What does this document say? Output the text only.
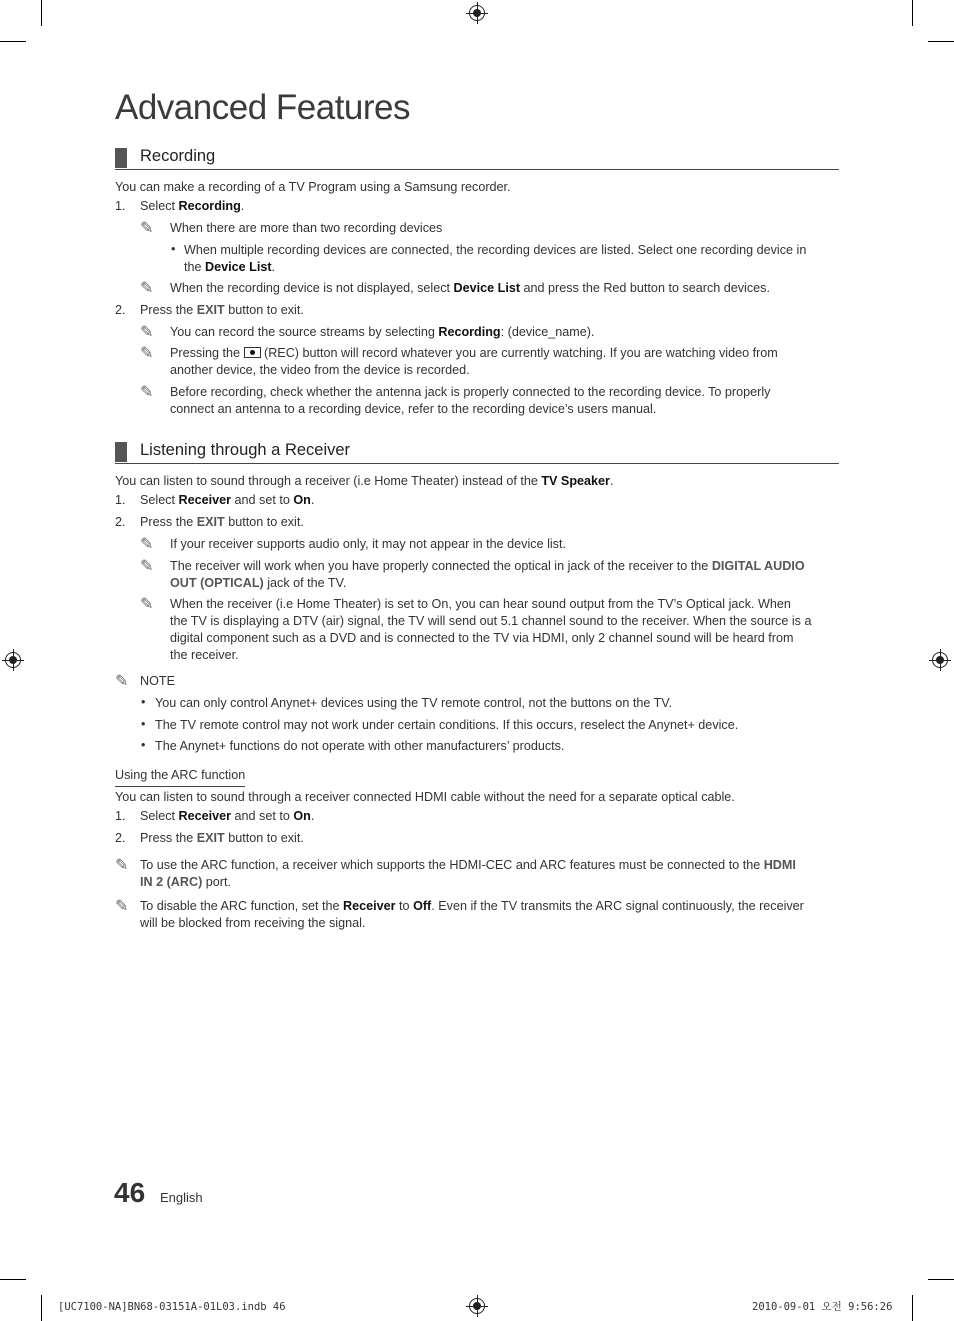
Advanced Features
Recording
You can make a recording of a TV Program using a Samsung recorder.
1. Select Recording.
✎ When there are more than two recording devices
• When multiple recording devices are connected, the recording devices are listed. Select one recording device in
the Device List.
✎ When the recording device is not displayed, select Device List and press the Red button to search devices.
2. Press the EXIT button to exit.
✎ You can record the source streams by selecting Recording: (device_name).
✎ Pressing the
(REC) button will record whatever you are currently watching. If you are watching video from
another device, the video from the device is recorded.
✎ Before recording, check whether the antenna jack is properly connected to the recording device. To properly
connect an antenna to a recording device, refer to the recording device’s users manual.
Listening through a Receiver
You can listen to sound through a receiver (i.e Home Theater) instead of the TV Speaker.
1. Select Receiver and set to On.
2. Press the EXIT button to exit.
✎ If your receiver supports audio only, it may not appear in the device list.
✎ The receiver will work when you have properly connected the optical in jack of the receiver to the DIGITAL AUDIO
OUT (OPTICAL) jack of the TV.
✎ When the receiver (i.e Home Theater) is set to On, you can hear sound output from the TV’s Optical jack. When
the TV is displaying a DTV (air) signal, the TV will send out 5.1 channel sound to the receiver. When the source is a
digital component such as a DVD and is connected to the TV via HDMI, only 2 channel sound will be heard from
the receiver.
✎ NOTE
• You can only control Anynet+ devices using the TV remote control, not the buttons on the TV.
• The TV remote control may not work under certain conditions. If this occurs, reselect the Anynet+ device.
• The Anynet+ functions do not operate with other manufacturers’ products.
Using the ARC function
You can listen to sound through a receiver connected HDMI cable without the need for a separate optical cable.
1. Select Receiver and set to On.
2. Press the EXIT button to exit.
✎ To use the ARC function, a receiver which supports the HDMI-CEC and ARC features must be connected to the HDMI
IN 2 (ARC) port.
✎ To disable the ARC function, set the Receiver to Off. Even if the TV transmits the ARC signal continuously, the receiver
will be blocked from receiving the signal.
46 English
[UC7100-NA]BN68-03151A-01L03.indb 46	2010-09-01 오전 9:56:26
